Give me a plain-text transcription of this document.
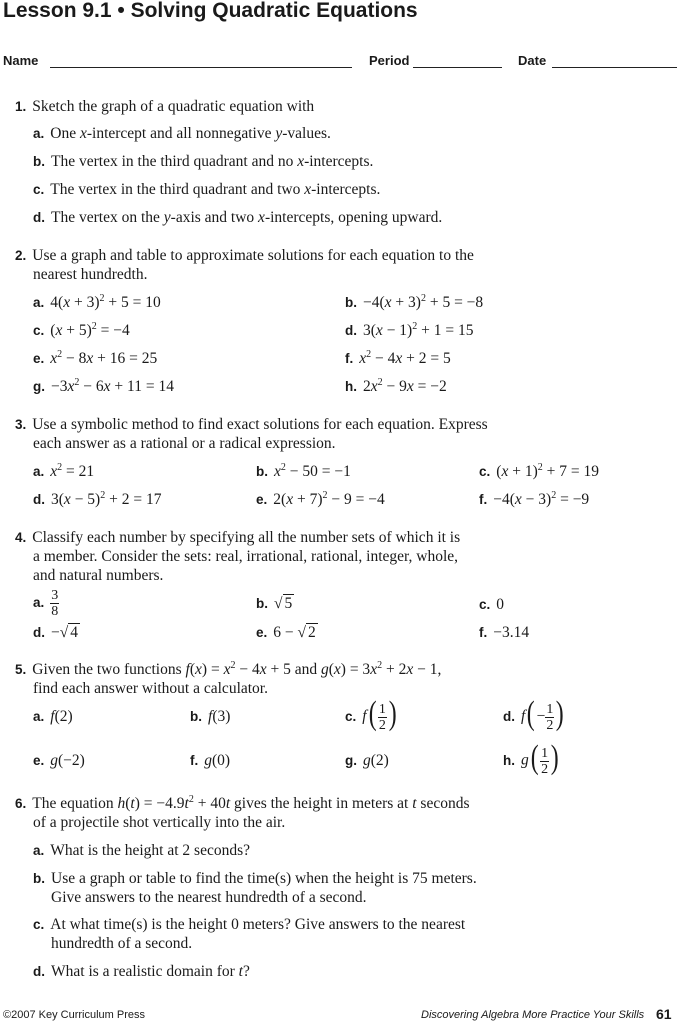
Lesson 9.1 • Solving Quadratic Equations
Name	Period	Date
1. Sketch the graph of a quadratic equation with
a. One x-intercept and all nonnegative y-values.
b. The vertex in the third quadrant and no x-intercepts.
c. The vertex in the third quadrant and two x-intercepts.
d. The vertex on the y-axis and two x-intercepts, opening upward.
2. Use a graph and table to approximate solutions for each equation to the
nearest hundredth.
a. $4(x + 3)^2 + 5 = 10$	b. $-4(x + 3)^2 + 5 = -8$
c. $(x + 5)^2 = -4$	d. $3(x - 1)^2 + 1 = 15$
e. $x^2 - 8x + 16 = 25$	f. $x^2 - 4x + 2 = 5$
g. $-3x^2 - 6x + 11 = 14$	h. $2x^2 - 9x = -2$
3. Use a symbolic method to find exact solutions for each equation. Express
each answer as a rational or a radical expression.
a. $x^2 = 21$	b. $x^2 - 50 = -1$	c. $(x + 1)^2 + 7 = 19$
d. $3(x - 5)^2 + 2 = 17$	e. $2(x + 7)^2 - 9 = -4$	f. $-4(x - 3)^2 = -9$
4. Classify each number by specifying all the number sets of which it is
a member. Consider the sets: real, irrational, rational, integer, whole,
and natural numbers.
a. $\frac{3}{8}$	b. √ 5	c. 0
d. −√ 4	e. 6 − √ 2	f. −3.14
5. Given the two functions $f(x) = x^2 - 4x + 5$ and $g(x) = 3x^2 + 2x - 1$,
find each answer without a calculator.
a. f(2)	b. f(3)	c. $f( \frac{1}{2}$ )	d. $f( - \frac{1}{2}$ )
e. g(−2)	f. g(0)	g. g(2)	h. $g( \frac{1}{2}$ )
6. The equation $h(t) = -4.9t^2 + 40t$ gives the height in meters at t seconds
of a projectile shot vertically into the air.
a. What is the height at 2 seconds?
b. Use a graph or table to find the time(s) when the height is 75 meters.
Give answers to the nearest hundredth of a second.
c. At what time(s) is the height 0 meters? Give answers to the nearest
hundredth of a second.
d. What is a realistic domain for t?
©2007 Key Curriculum Press	Discovering Algebra More Practice Your Skills 61
